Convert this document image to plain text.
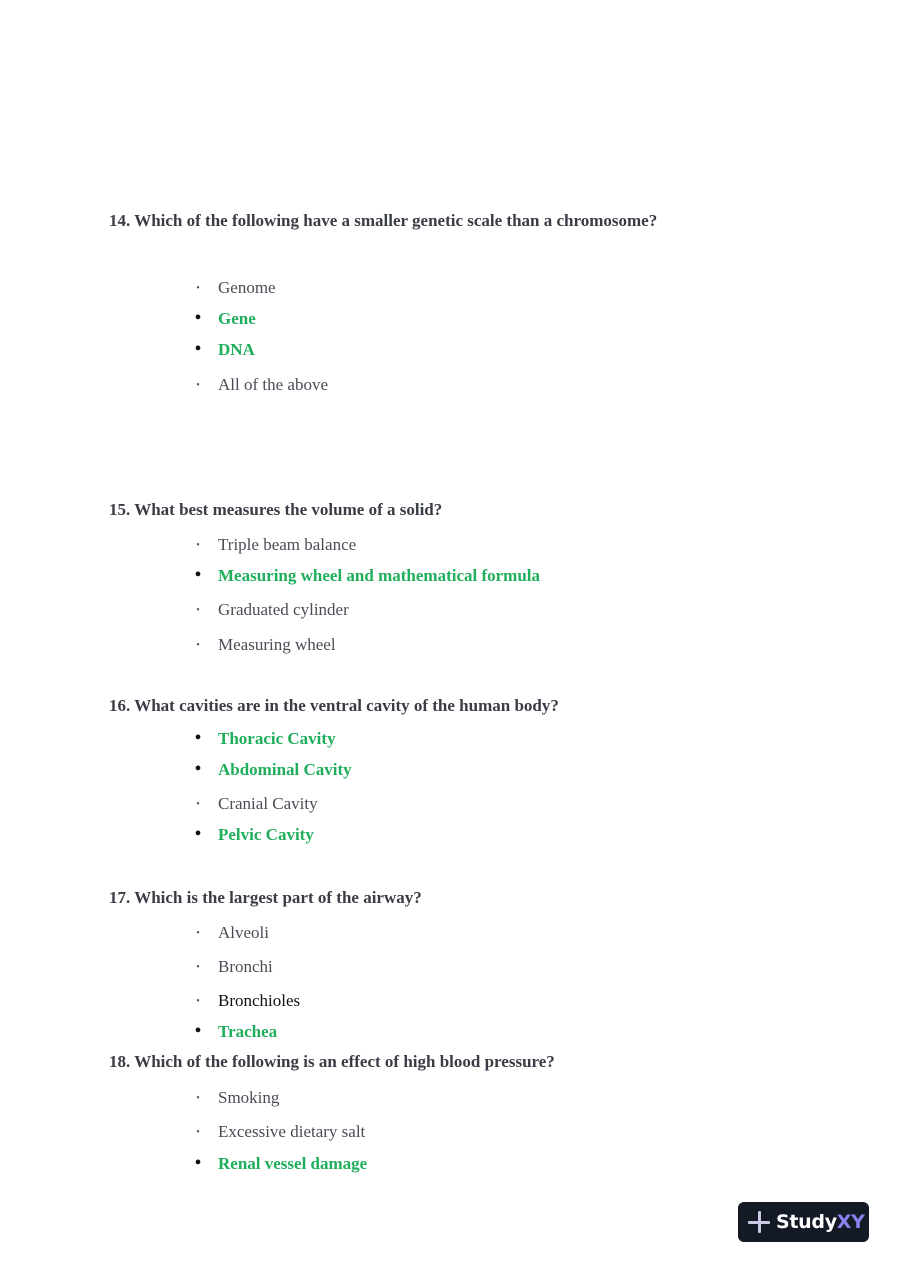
14. Which of the following have a smaller genetic scale than a chromosome?
•	Genome
• Gene
• DNA
•	All of the above
15. What best measures the volume of a solid?
•	Triple beam balance
• Measuring wheel and mathematical formula
•	Graduated cylinder
•	Measuring wheel
16. What cavities are in the ventral cavity of the human body?
• Thoracic Cavity
• Abdominal Cavity
•	Cranial Cavity
• Pelvic Cavity
17. Which is the largest part of the airway?
•	Alveoli
•	Bronchi
•	Bronchioles
• Trachea
18. Which of the following is an effect of high blood pressure?
•	Smoking
•	Excessive dietary salt
• Renal vessel damage
Study XY
